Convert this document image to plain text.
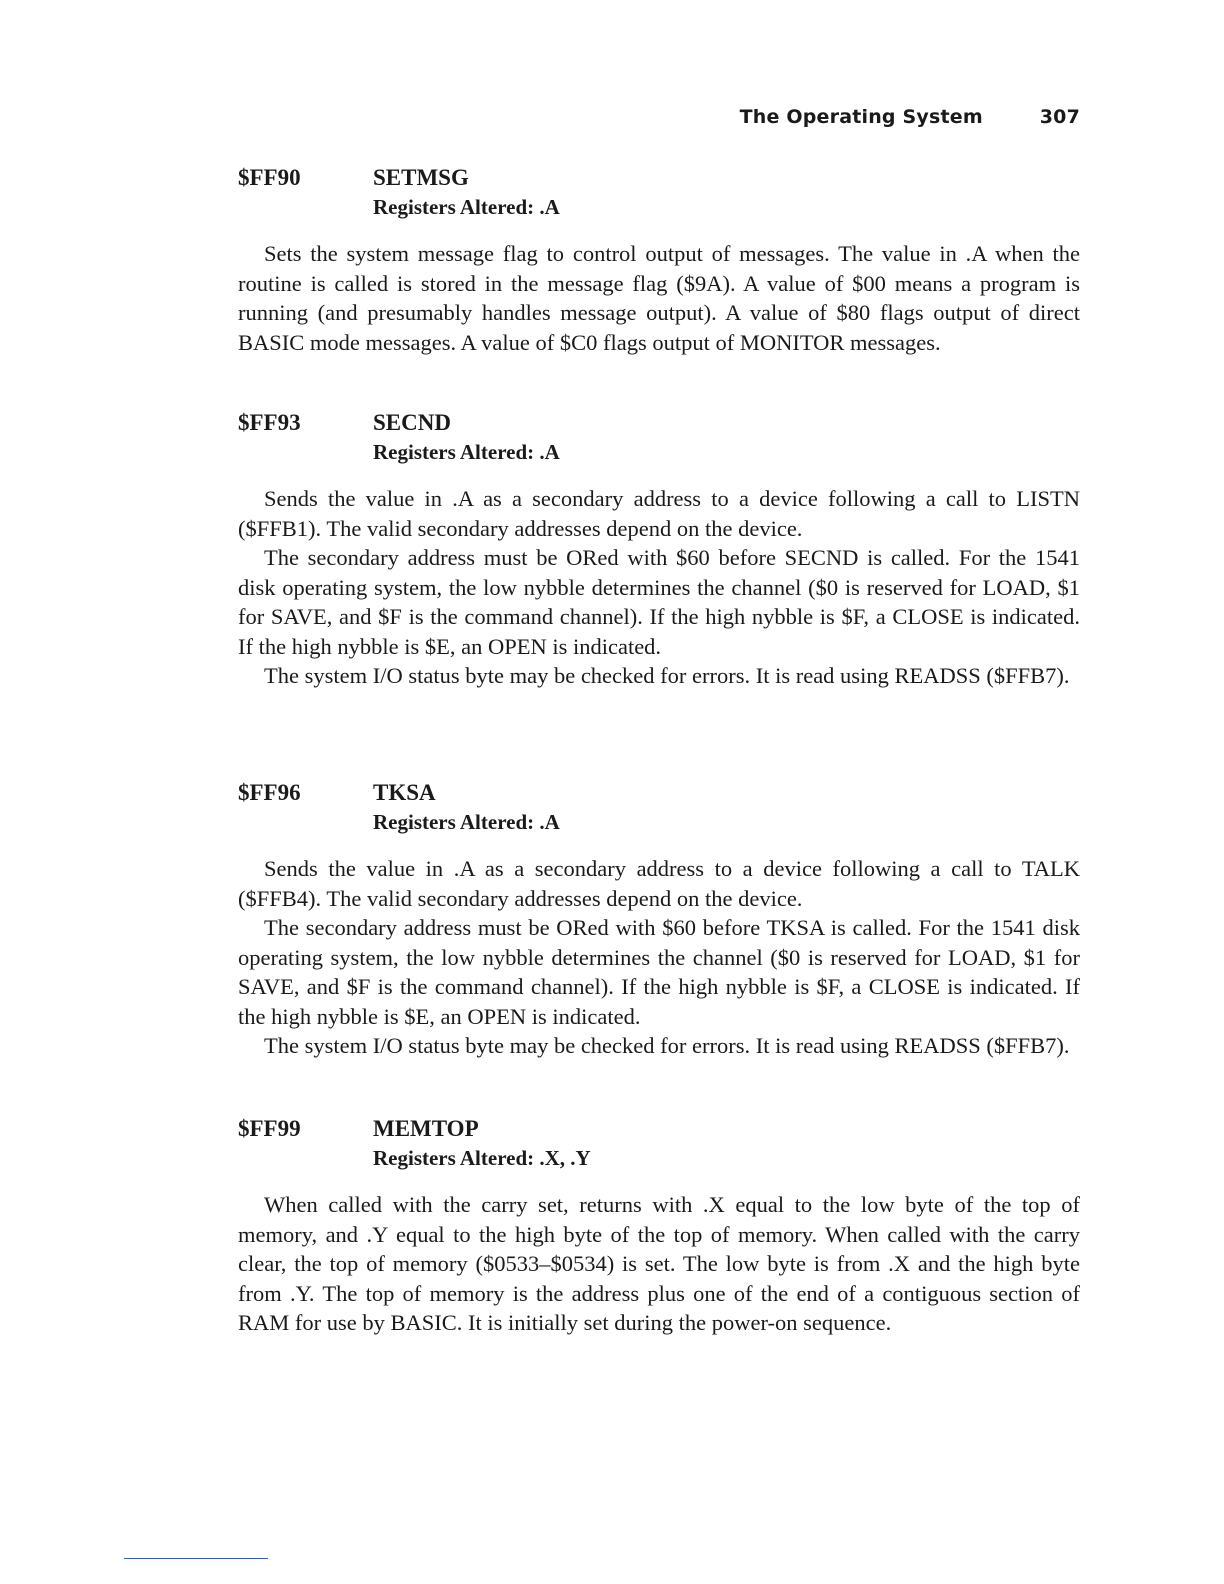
The Operating System	307
$FF90	SETMSG
Registers Altered: .A

Sets the system message flag to control output of messages. The value in .A when the routine is called is stored in the message flag ($9A). A value of $00 means a program is running (and presumably handles message output). A value of $80 flags output of direct BASIC mode messages. A value of $C0 flags output of MONITOR messages.

$FF93	SECND
Registers Altered: .A

Sends the value in .A as a secondary address to a device following a call to LISTN ($FFB1). The valid secondary addresses depend on the device.

The secondary address must be ORed with $60 before SECND is called. For the 1541 disk operating system, the low nybble determines the channel ($0 is reserved for LOAD, $1 for SAVE, and $F is the command channel). If the high nybble is $F, a CLOSE is indicated. If the high nybble is $E, an OPEN is indicated.

The system I/O status byte may be checked for errors. It is read using READSS ($FFB7).

$FF96	TKSA
Registers Altered: .A

Sends the value in .A as a secondary address to a device following a call to TALK ($FFB4). The valid secondary addresses depend on the device.

The secondary address must be ORed with $60 before TKSA is called. For the 1541 disk operating system, the low nybble determines the channel ($0 is reserved for LOAD, $1 for SAVE, and $F is the command channel). If the high nybble is $F, a CLOSE is indicated. If the high nybble is $E, an OPEN is indicated.

The system I/O status byte may be checked for errors. It is read using READSS ($FFB7).

$FF99	MEMTOP
Registers Altered: .X, .Y

When called with the carry set, returns with .X equal to the low byte of the top of memory, and .Y equal to the high byte of the top of memory. When called with the carry clear, the top of memory ($0533–$0534) is set. The low byte is from .X and the high byte from .Y. The top of memory is the address plus one of the end of a contiguous section of RAM for use by BASIC. It is initially set during the power-on sequence.
